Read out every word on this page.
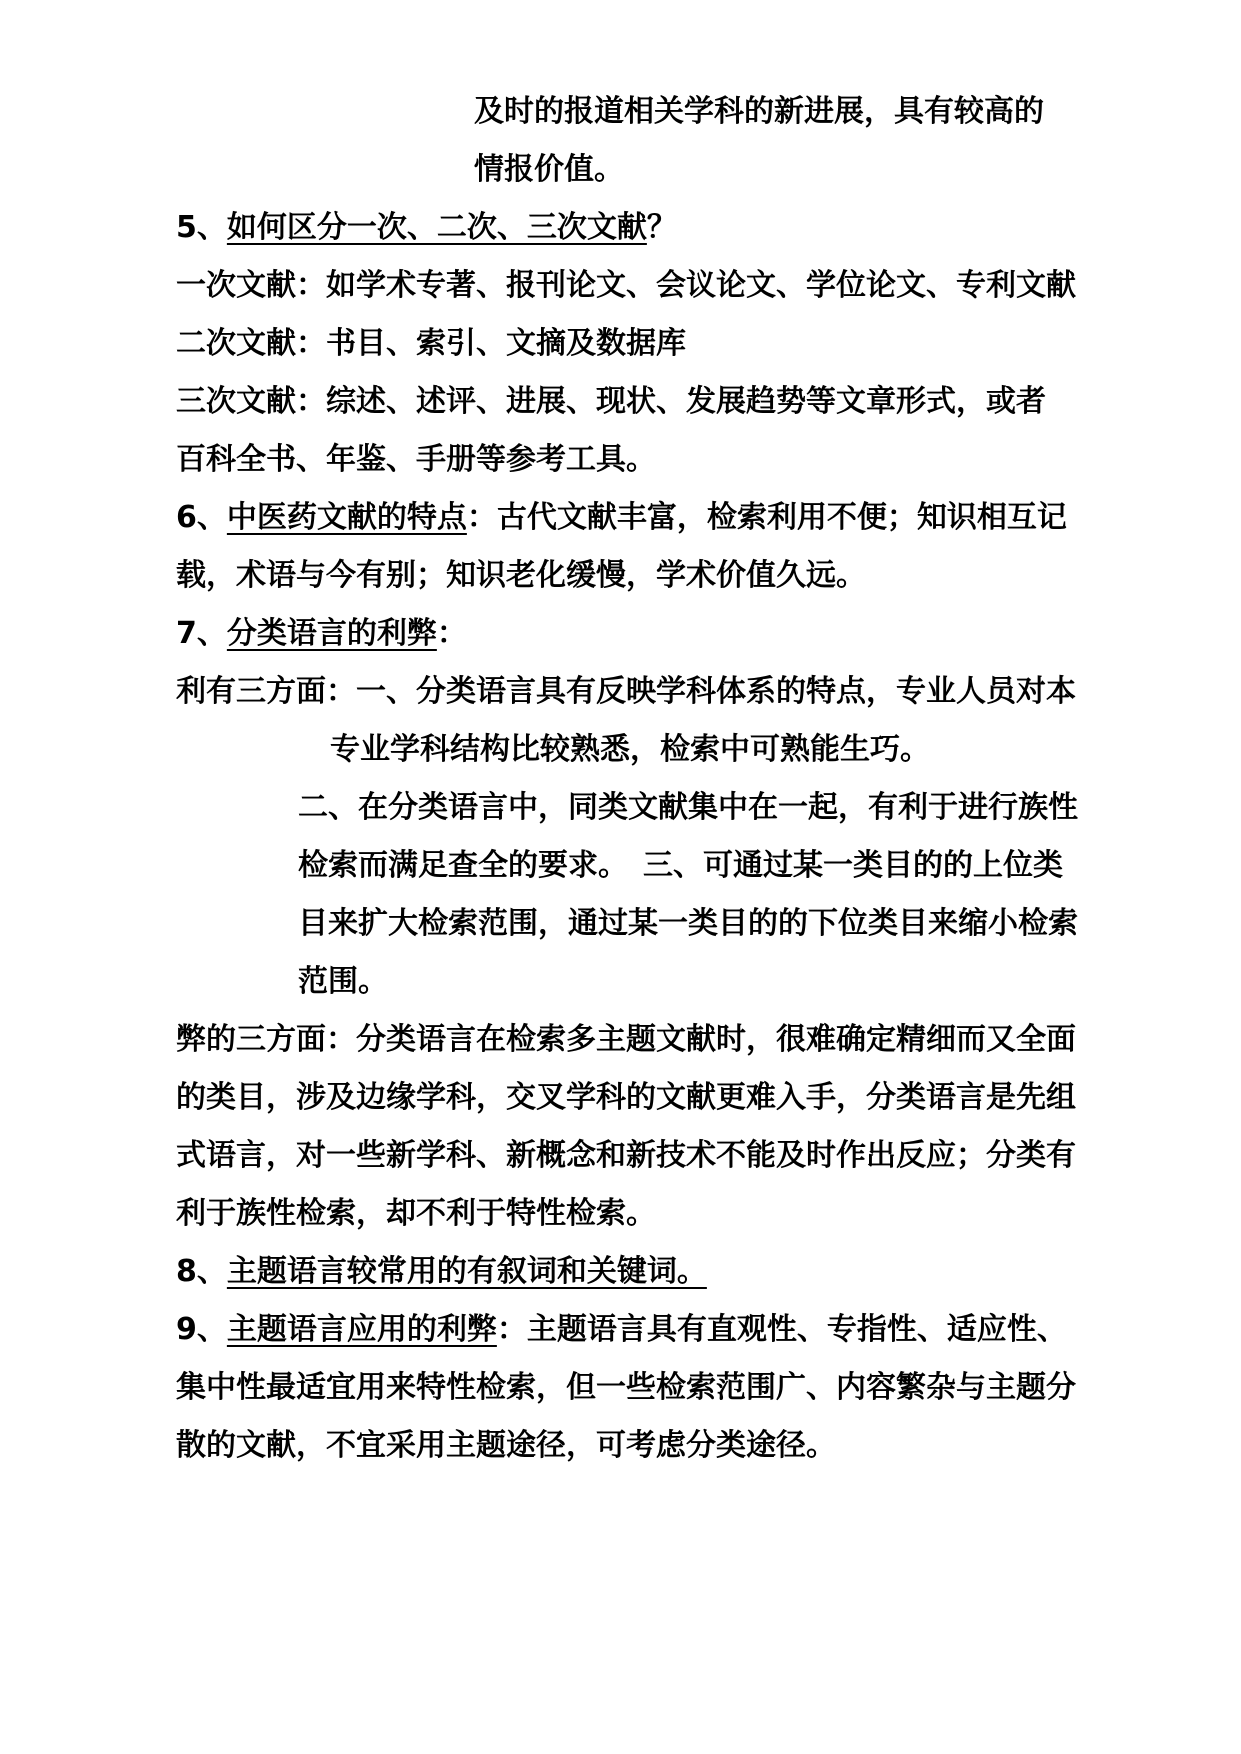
及时的报道相关学科的新进展，具有较高的
情报价值。
5、如何区分一次、二次、三次文献？
一次文献：如学术专著、报刊论文、会议论文、学位论文、专利文献
二次文献：书目、索引、文摘及数据库
三次文献：综述、述评、进展、现状、发展趋势等文章形式，或者
百科全书、年鉴、手册等参考工具。
6、中医药文献的特点：古代文献丰富，检索利用不便；知识相互记
载，术语与今有别；知识老化缓慢，学术价值久远。
7、分类语言的利弊：
利有三方面：一、分类语言具有反映学科体系的特点，专业人员对本
专业学科结构比较熟悉，检索中可熟能生巧。
二、在分类语言中，同类文献集中在一起，有利于进行族性
检索而满足查全的要求。　三、可通过某一类目的的上位类
目来扩大检索范围，通过某一类目的的下位类目来缩小检索
范围。
弊的三方面：分类语言在检索多主题文献时，很难确定精细而又全面
的类目，涉及边缘学科，交叉学科的文献更难入手，分类语言是先组
式语言，对一些新学科、新概念和新技术不能及时作出反应；分类有
利于族性检索，却不利于特性检索。
8、主题语言较常用的有叙词和关键词。
9、主题语言应用的利弊：主题语言具有直观性、专指性、适应性、
集中性最适宜用来特性检索，但一些检索范围广、内容繁杂与主题分
散的文献，不宜采用主题途径，可考虑分类途径。
